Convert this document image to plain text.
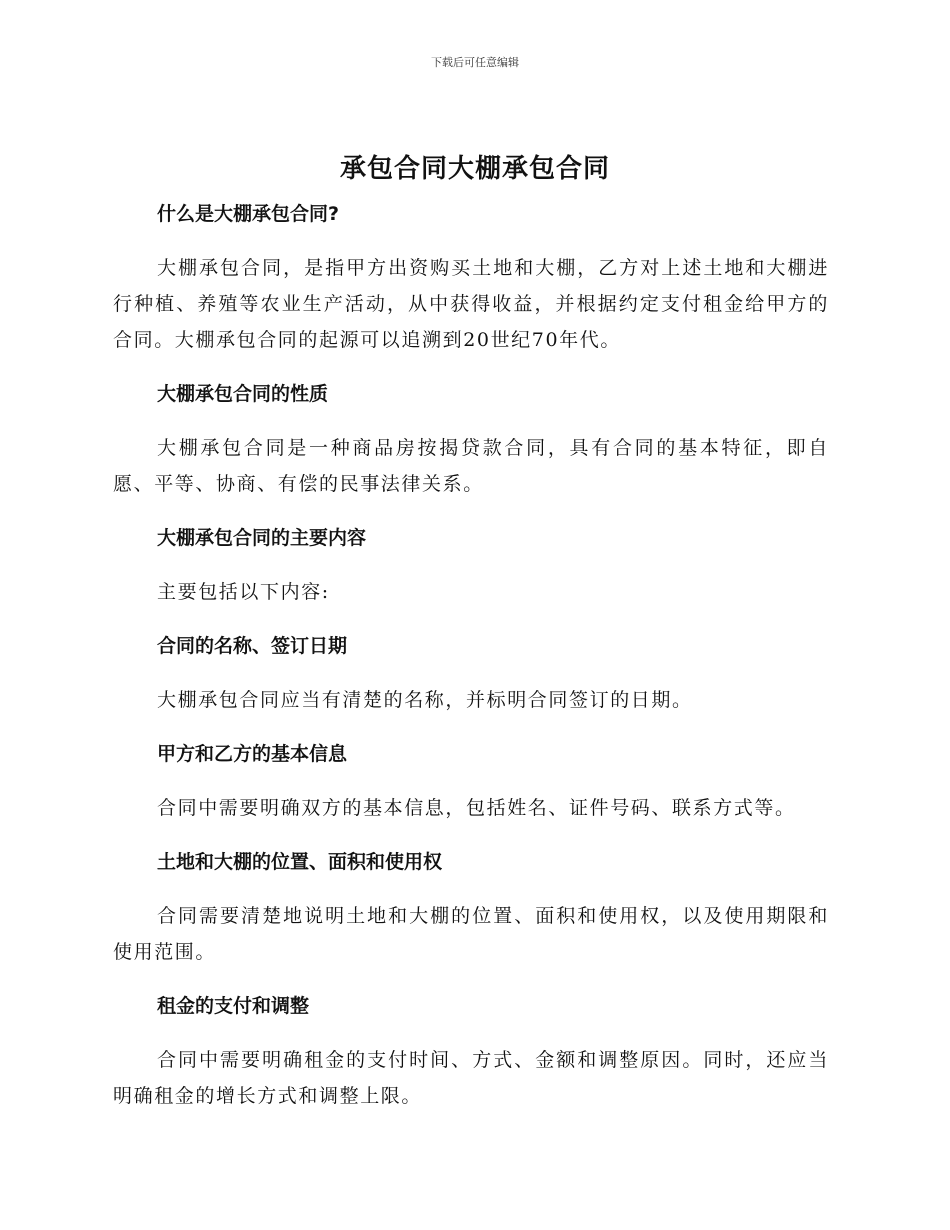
下载后可任意编辑
承包合同大棚承包合同
什么是大棚承包合同?

大棚承包合同，是指甲方出资购买土地和大棚，乙方对上述土地和大棚进行种植、养殖等农业生产活动，从中获得收益，并根据约定支付租金给甲方的合同。大棚承包合同的起源可以追溯到20世纪70年代。

大棚承包合同的性质

大棚承包合同是一种商品房按揭贷款合同，具有合同的基本特征，即自愿、平等、协商、有偿的民事法律关系。

大棚承包合同的主要内容

主要包括以下内容:

合同的名称、签订日期

大棚承包合同应当有清楚的名称，并标明合同签订的日期。

甲方和乙方的基本信息

合同中需要明确双方的基本信息，包括姓名、证件号码、联系方式等。

土地和大棚的位置、面积和使用权

合同需要清楚地说明土地和大棚的位置、面积和使用权，以及使用期限和使用范围。

租金的支付和调整

合同中需要明确租金的支付时间、方式、金额和调整原因。同时，还应当明确租金的增长方式和调整上限。
